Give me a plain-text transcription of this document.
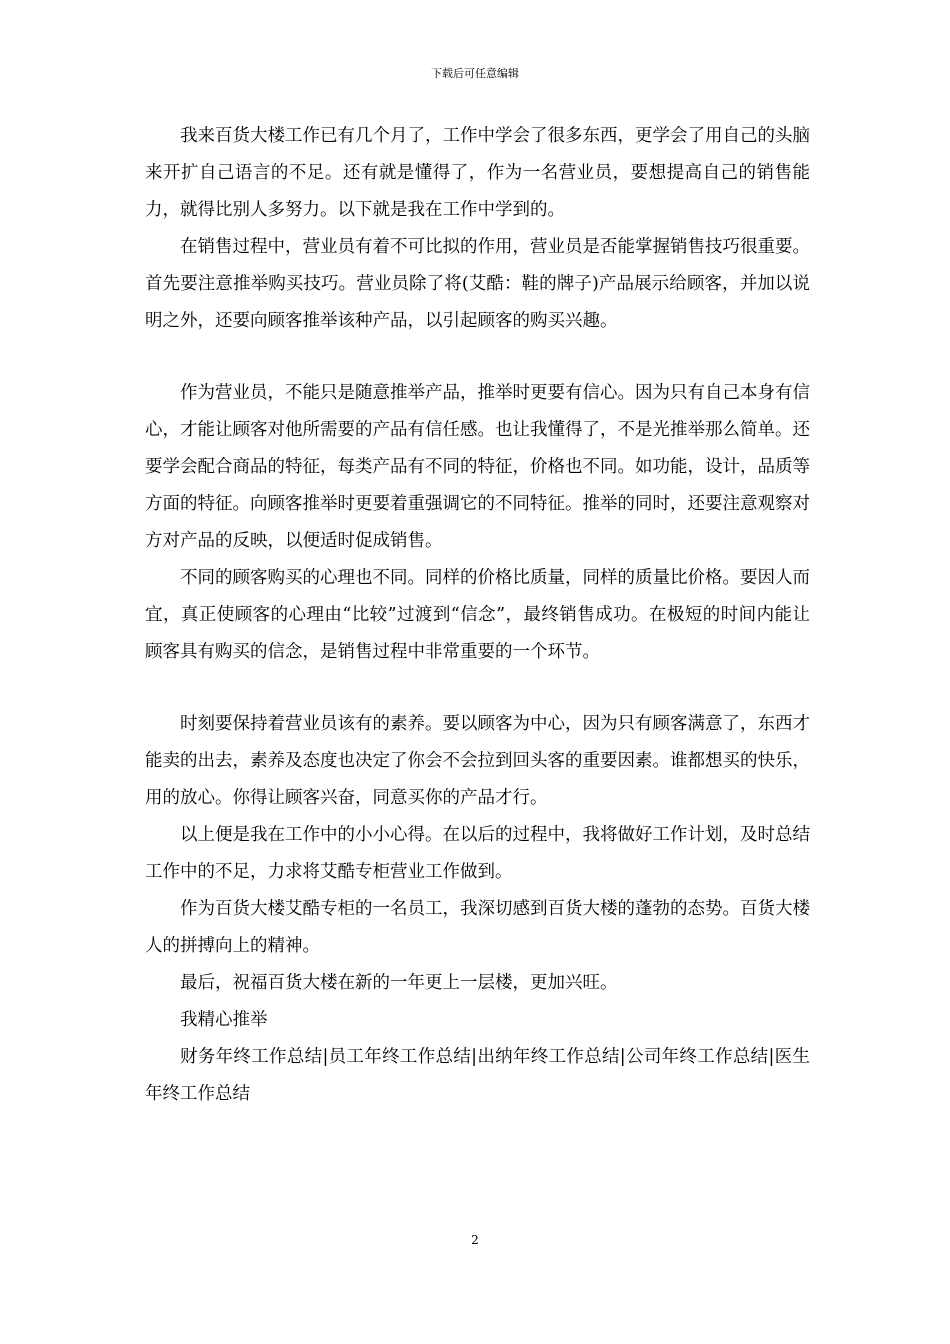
下载后可任意编辑

我来百货大楼工作已有几个月了，工作中学会了很多东西，更学会了用自己的头脑来开扩自己语言的不足。还有就是懂得了，作为一名营业员，要想提高自己的销售能力，就得比别人多努力。以下就是我在工作中学到的。

在销售过程中，营业员有着不可比拟的作用，营业员是否能掌握销售技巧很重要。首先要注意推举购买技巧。营业员除了将(艾酷：鞋的牌子)产品展示给顾客，并加以说明之外，还要向顾客推举该种产品，以引起顾客的购买兴趣。

作为营业员，不能只是随意推举产品，推举时更要有信心。因为只有自己本身有信心，才能让顾客对他所需要的产品有信任感。也让我懂得了，不是光推举那么简单。还要学会配合商品的特征，每类产品有不同的特征，价格也不同。如功能，设计，品质等方面的特征。向顾客推举时更要着重强调它的不同特征。推举的同时，还要注意观察对方对产品的反映，以便适时促成销售。

不同的顾客购买的心理也不同。同样的价格比质量，同样的质量比价格。要因人而宜，真正使顾客的心理由“比较”过渡到“信念”，最终销售成功。在极短的时间内能让顾客具有购买的信念，是销售过程中非常重要的一个环节。

时刻要保持着营业员该有的素养。要以顾客为中心，因为只有顾客满意了，东西才能卖的出去，素养及态度也决定了你会不会拉到回头客的重要因素。谁都想买的快乐，用的放心。你得让顾客兴奋，同意买你的产品才行。

以上便是我在工作中的小小心得。在以后的过程中，我将做好工作计划，及时总结工作中的不足，力求将艾酷专柜营业工作做到。

作为百货大楼艾酷专柜的一名员工，我深切感到百货大楼的蓬勃的态势。百货大楼人的拼搏向上的精神。

最后，祝福百货大楼在新的一年更上一层楼，更加兴旺。

我精心推举

财务年终工作总结|员工年终工作总结|出纳年终工作总结|公司年终工作总结|医生年终工作总结

2
